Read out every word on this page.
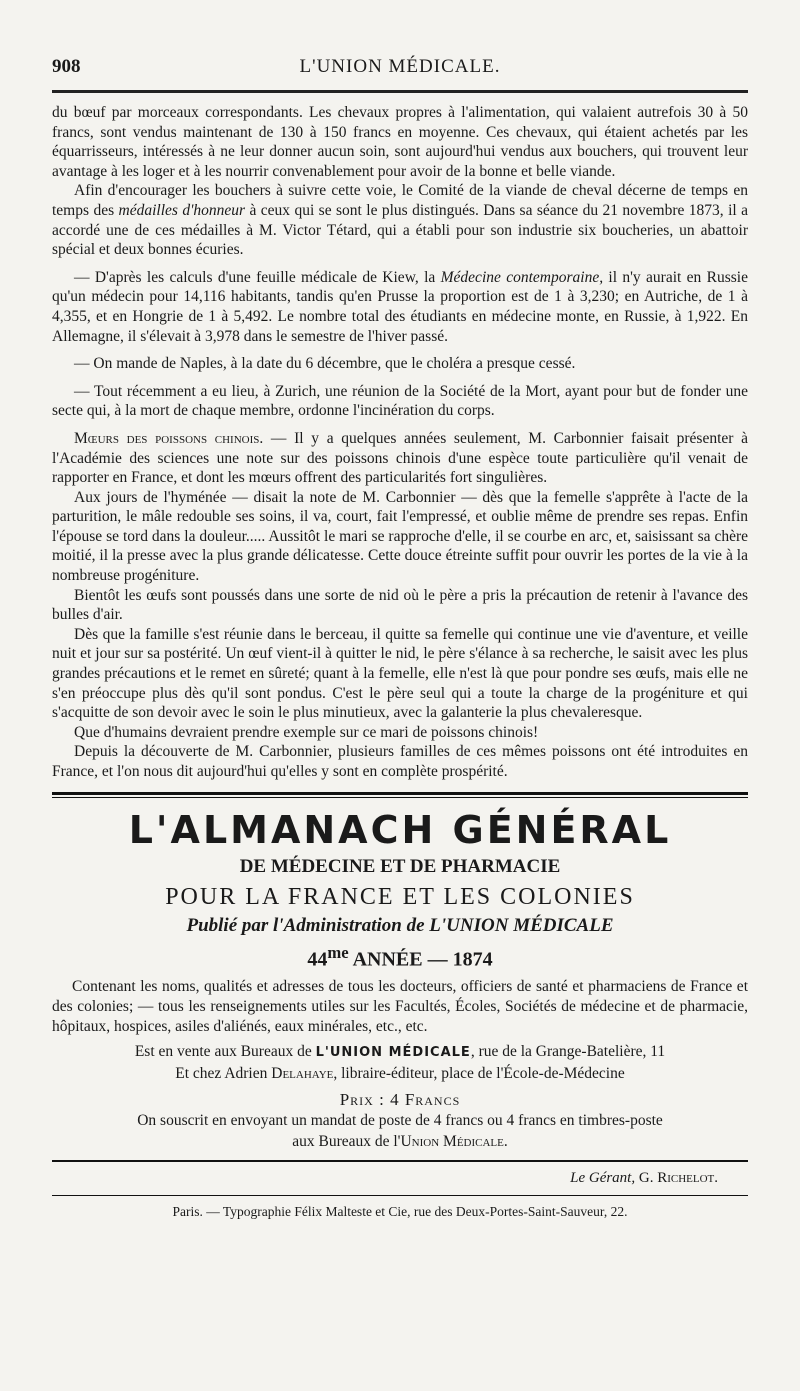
908	L'UNION MÉDICALE.

du bœuf par morceaux correspondants. Les chevaux propres à l'alimentation, qui valaient autrefois 30 à 50 francs, sont vendus maintenant de 130 à 150 francs en moyenne. Ces chevaux, qui étaient achetés par les équarrisseurs, intéressés à ne leur donner aucun soin, sont aujourd'hui vendus aux bouchers, qui trouvent leur avantage à les loger et à les nourrir convenablement pour avoir de la bonne et belle viande.

Afin d'encourager les bouchers à suivre cette voie, le Comité de la viande de cheval décerne de temps en temps des médailles d'honneur à ceux qui se sont le plus distingués. Dans sa séance du 21 novembre 1873, il a accordé une de ces médailles à M. Victor Tétard, qui a établi pour son industrie six boucheries, un abattoir spécial et deux bonnes écuries.

— D'après les calculs d'une feuille médicale de Kiew, la Médecine contemporaine, il n'y aurait en Russie qu'un médecin pour 14,116 habitants, tandis qu'en Prusse la proportion est de 1 à 3,230; en Autriche, de 1 à 4,355, et en Hongrie de 1 à 5,492. Le nombre total des étudiants en médecine monte, en Russie, à 1,922. En Allemagne, il s'élevait à 3,978 dans le semestre de l'hiver passé.

— On mande de Naples, à la date du 6 décembre, que le choléra a presque cessé.

— Tout récemment a eu lieu, à Zurich, une réunion de la Société de la Mort, ayant pour but de fonder une secte qui, à la mort de chaque membre, ordonne l'incinération du corps.

Mœurs des poissons chinois. — Il y a quelques années seulement, M. Carbonnier faisait présenter à l'Académie des sciences une note sur des poissons chinois d'une espèce toute particulière qu'il venait de rapporter en France, et dont les mœurs offrent des particularités fort singulières.

Aux jours de l'hyménée — disait la note de M. Carbonnier — dès que la femelle s'apprête à l'acte de la parturition, le mâle redouble ses soins, il va, court, fait l'empressé, et oublie même de prendre ses repas. Enfin l'épouse se tord dans la douleur..... Aussitôt le mari se rapproche d'elle, il se courbe en arc, et, saisissant sa chère moitié, il la presse avec la plus grande délicatesse. Cette douce étreinte suffit pour ouvrir les portes de la vie à la nombreuse progéniture.

Bientôt les œufs sont poussés dans une sorte de nid où le père a pris la précaution de retenir à l'avance des bulles d'air.

Dès que la famille s'est réunie dans le berceau, il quitte sa femelle qui continue une vie d'aventure, et veille nuit et jour sur sa postérité. Un œuf vient-il à quitter le nid, le père s'élance à sa recherche, le saisit avec les plus grandes précautions et le remet en sûreté; quant à la femelle, elle n'est là que pour pondre ses œufs, mais elle ne s'en préoccupe plus dès qu'il sont pondus. C'est le père seul qui a toute la charge de la progéniture et qui s'acquitte de son devoir avec le soin le plus minutieux, avec la galanterie la plus chevaleresque.

Que d'humains devraient prendre exemple sur ce mari de poissons chinois!

Depuis la découverte de M. Carbonnier, plusieurs familles de ces mêmes poissons ont été introduites en France, et l'on nous dit aujourd'hui qu'elles y sont en complète prospérité.

L'ALMANACH GÉNÉRAL
DE MÉDECINE ET DE PHARMACIE
POUR LA FRANCE ET LES COLONIES
Publié par l'Administration de L'UNION MÉDICALE
$44^{me}$ ANNÉE — 1874
Contenant les noms, qualités et adresses de tous les docteurs, officiers de santé et pharmaciens de France et des colonies; — tous les renseignements utiles sur les Facultés, Écoles, Sociétés de médecine et de pharmacie, hôpitaux, hospices, asiles d'aliénés, eaux minérales, etc., etc.
Est en vente aux Bureaux de L'UNION MÉDICALE, rue de la Grange-Batelière, 11
Et chez Adrien Delahaye, libraire-éditeur, place de l'École-de-Médecine
Prix : 4 Francs
On souscrit en envoyant un mandat de poste de 4 francs ou 4 francs en timbres-poste
aux Bureaux de l'Union Médicale.
Le Gérant, G. Richelot.
Paris. — Typographie Félix Malteste et Cie, rue des Deux-Portes-Saint-Sauveur, 22.
